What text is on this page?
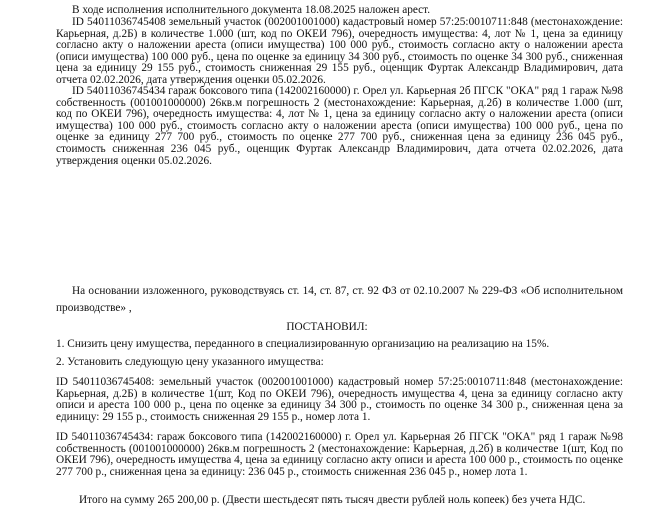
В ходе исполнения исполнительного документа 18.08.2025 наложен арест.
ID 54011036745408 земельный участок (002001001000) кадастровый номер 57:25:0010711:848 (местонахождение: Карьерная, д.2Б) в количестве 1.000 (шт, код по ОКЕИ 796), очередность имущества: 4, лот № 1, цена за единицу согласно акту о наложении ареста (описи имущества) 100 000 руб., стоимость согласно акту о наложении ареста (описи имущества) 100 000 руб., цена по оценке за единицу 34 300 руб., стоимость по оценке 34 300 руб., сниженная цена за единицу 29 155 руб., стоимость сниженная 29 155 руб., оценщик Фуртак Александр Владимирович, дата отчета 02.02.2026, дата утверждения оценки 05.02.2026.
ID 54011036745434 гараж боксового типа (142002160000) г. Орел ул. Карьерная 2б ПГСК "ОКА" ряд 1 гараж №98 собственность (001001000000) 26кв.м погрешность 2 (местонахождение: Карьерная, д.2б) в количестве 1.000 (шт, код по ОКЕИ 796), очередность имущества: 4, лот № 1, цена за единицу согласно акту о наложении ареста (описи имущества) 100 000 руб., стоимость согласно акту о наложении ареста (описи имущества) 100 000 руб., цена по оценке за единицу 277 700 руб., стоимость по оценке 277 700 руб., сниженная цена за единицу 236 045 руб., стоимость сниженная 236 045 руб., оценщик Фуртак Александр Владимирович, дата отчета 02.02.2026, дата утверждения оценки 05.02.2026.
На основании изложенного, руководствуясь ст. 14, ст. 87, ст. 92 ФЗ от 02.10.2007 № 229-ФЗ «Об исполнительном производстве» ,
ПОСТАНОВИЛ:
1. Снизить цену имущества, переданного в специализированную организацию на реализацию на 15%.
2. Установить следующую цену указанного имущества:
ID 54011036745408: земельный участок (002001001000) кадастровый номер 57:25:0010711:848 (местонахождение: Карьерная, д.2Б) в количестве 1(шт, Код по ОКЕИ 796), очередность имущества 4, цена за единицу согласно акту описи и ареста 100 000 р., цена по оценке за единицу 34 300 р., стоимость по оценке 34 300 р., сниженная цена за единицу: 29 155 р., стоимость сниженная 29 155 р., номер лота 1.
ID 54011036745434: гараж боксового типа (142002160000) г. Орел ул. Карьерная 2б ПГСК "ОКА" ряд 1 гараж №98 собственность (001001000000) 26кв.м погрешность 2 (местонахождение: Карьерная, д.2б) в количестве 1(шт, Код по ОКЕИ 796), очередность имущества 4, цена за единицу согласно акту описи и ареста 100 000 р., стоимость по оценке 277 700 р., сниженная цена за единицу: 236 045 р., стоимость сниженная 236 045 р., номер лота 1.
Итого на сумму 265 200,00 р. (Двести шестьдесят пять тысяч двести рублей ноль копеек) без учета НДС.
